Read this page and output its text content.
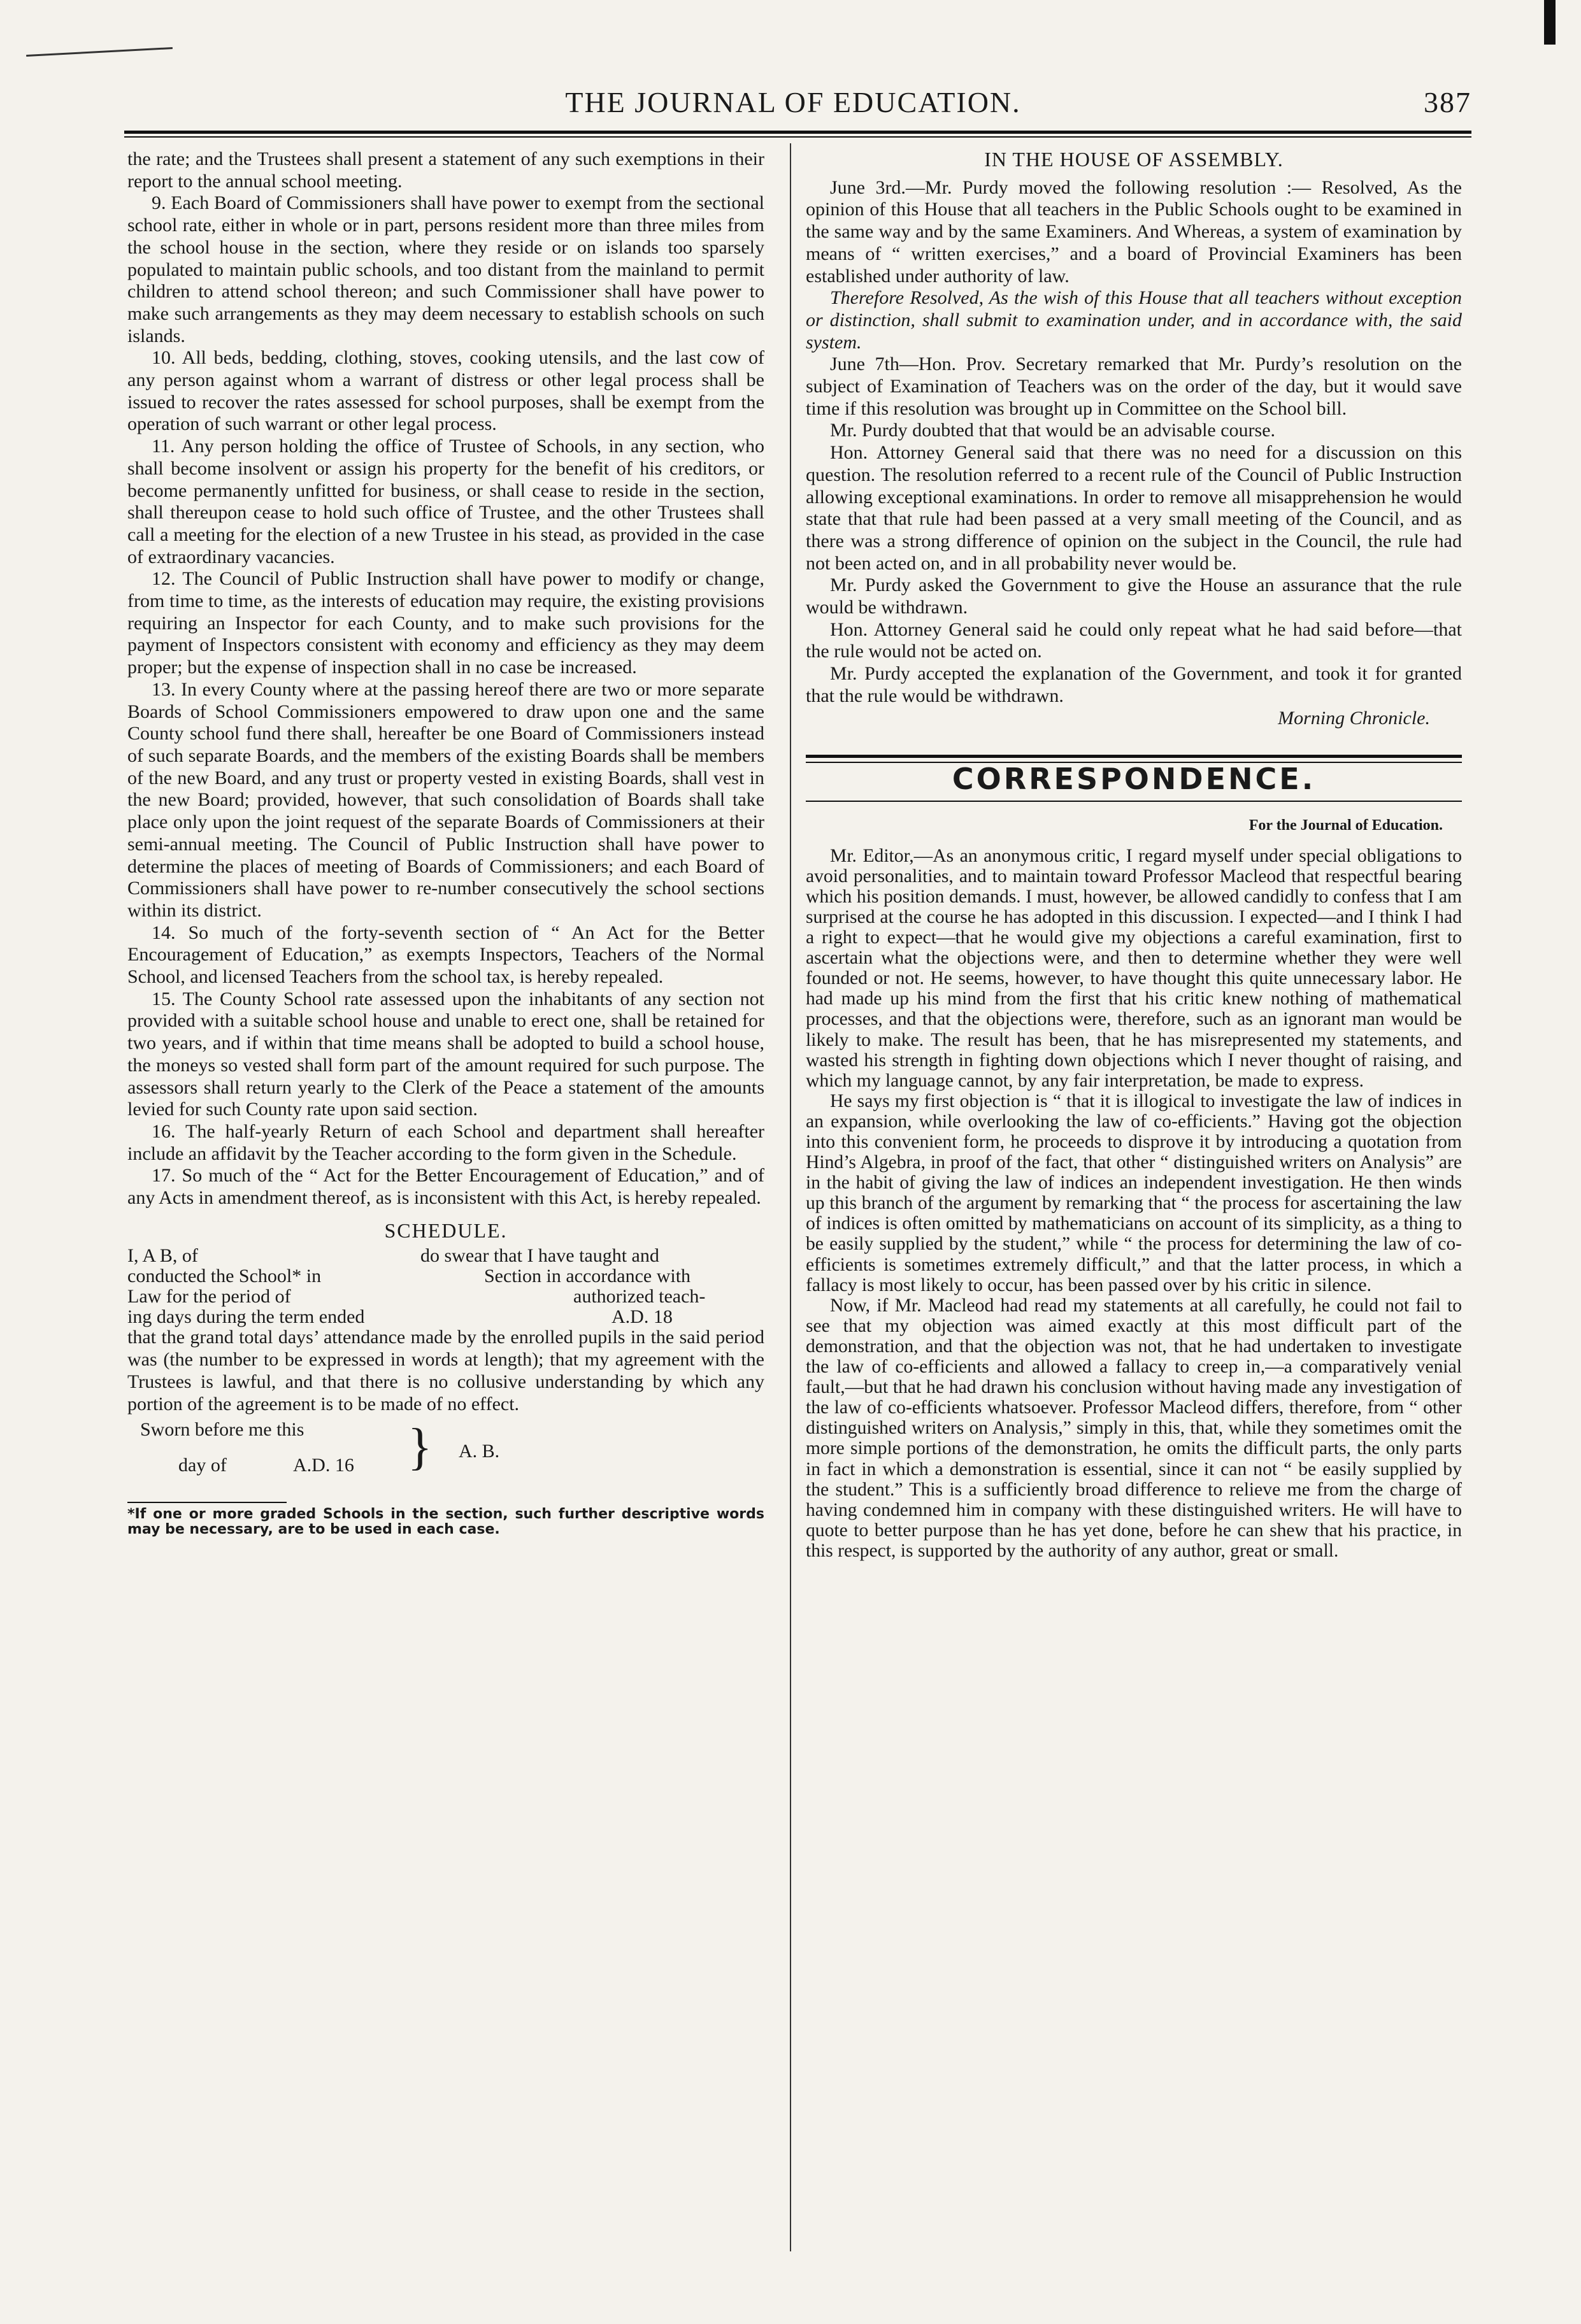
THE JOURNAL OF EDUCATION.	387

the rate; and the Trustees shall present a statement of any such exemptions in their report to the annual school meeting.

9. Each Board of Commissioners shall have power to exempt from the sectional school rate, either in whole or in part, persons resident more than three miles from the school house in the section, where they reside or on islands too sparsely populated to maintain public schools, and too distant from the mainland to permit children to attend school thereon; and such Commissioner shall have power to make such arrangements as they may deem necessary to establish schools on such islands.

10. All beds, bedding, clothing, stoves, cooking utensils, and the last cow of any person against whom a warrant of distress or other legal process shall be issued to recover the rates assessed for school purposes, shall be exempt from the operation of such warrant or other legal process.

11. Any person holding the office of Trustee of Schools, in any section, who shall become insolvent or assign his property for the benefit of his creditors, or become permanently unfitted for business, or shall cease to reside in the section, shall thereupon cease to hold such office of Trustee, and the other Trustees shall call a meeting for the election of a new Trustee in his stead, as provided in the case of extraordinary vacancies.

12. The Council of Public Instruction shall have power to modify or change, from time to time, as the interests of education may require, the existing provisions requiring an Inspector for each County, and to make such provisions for the payment of Inspectors consistent with economy and efficiency as they may deem proper; but the expense of inspection shall in no case be increased.

13. In every County where at the passing hereof there are two or more separate Boards of School Commissioners empowered to draw upon one and the same County school fund there shall, hereafter be one Board of Commissioners instead of such separate Boards, and the members of the existing Boards shall be members of the new Board, and any trust or property vested in existing Boards, shall vest in the new Board; provided, however, that such consolidation of Boards shall take place only upon the joint request of the separate Boards of Commissioners at their semi-annual meeting. The Council of Public Instruction shall have power to determine the places of meeting of Boards of Commissioners; and each Board of Commissioners shall have power to re-number consecutively the school sections within its district.

14. So much of the forty-seventh section of “ An Act for the Better Encouragement of Education,” as exempts Inspectors, Teachers of the Normal School, and licensed Teachers from the school tax, is hereby repealed.

15. The County School rate assessed upon the inhabitants of any section not provided with a suitable school house and unable to erect one, shall be retained for two years, and if within that time means shall be adopted to build a school house, the moneys so vested shall form part of the amount required for such purpose. The assessors shall return yearly to the Clerk of the Peace a statement of the amounts levied for such County rate upon said section.

16. The half-yearly Return of each School and department shall hereafter include an affidavit by the Teacher according to the form given in the Schedule.

17. So much of the “ Act for the Better Encouragement of Education,” and of any Acts in amendment thereof, as is inconsistent with this Act, is hereby repealed.

SCHEDULE.
I, A B, of	do swear that I have taught and
conducted the School* in	Section in accordance with
Law for the period of	authorized teach-
ing days during the term ended	A.D. 18

that the grand total days’ attendance made by the enrolled pupils in the said period was (the number to be expressed in words at length); that my agreement with the Trustees is lawful, and that there is no collusive understanding by which any portion of the agreement is to be made of no effect.

Sworn before me this
day of	A.D. 16 } A. B.

*If one or more graded Schools in the section, such further descriptive words may be necessary, are to be used in each case.

IN THE HOUSE OF ASSEMBLY.

June 3rd.—Mr. Purdy moved the following resolution :— Resolved, As the opinion of this House that all teachers in the Public Schools ought to be examined in the same way and by the same Examiners. And Whereas, a system of examination by means of “ written exercises,” and a board of Provincial Examiners has been established under authority of law.

Therefore Resolved, As the wish of this House that all teachers without exception or distinction, shall submit to examination under, and in accordance with, the said system.

June 7th—Hon. Prov. Secretary remarked that Mr. Purdy’s resolution on the subject of Examination of Teachers was on the order of the day, but it would save time if this resolution was brought up in Committee on the School bill.

Mr. Purdy doubted that that would be an advisable course.

Hon. Attorney General said that there was no need for a discussion on this question. The resolution referred to a recent rule of the Council of Public Instruction allowing exceptional examinations. In order to remove all misapprehension he would state that that rule had been passed at a very small meeting of the Council, and as there was a strong difference of opinion on the subject in the Council, the rule had not been acted on, and in all probability never would be.

Mr. Purdy asked the Government to give the House an assurance that the rule would be withdrawn.

Hon. Attorney General said he could only repeat what he had said before—that the rule would not be acted on.

Mr. Purdy accepted the explanation of the Government, and took it for granted that the rule would be withdrawn.

Morning Chronicle.

CORRESPONDENCE.
For the Journal of Education.

Mr. Editor,—As an anonymous critic, I regard myself under special obligations to avoid personalities, and to maintain toward Professor Macleod that respectful bearing which his position demands. I must, however, be allowed candidly to confess that I am surprised at the course he has adopted in this discussion. I expected—and I think I had a right to expect—that he would give my objections a careful examination, first to ascertain what the objections were, and then to determine whether they were well founded or not. He seems, however, to have thought this quite unnecessary labor. He had made up his mind from the first that his critic knew nothing of mathematical processes, and that the objections were, therefore, such as an ignorant man would be likely to make. The result has been, that he has misrepresented my statements, and wasted his strength in fighting down objections which I never thought of raising, and which my language cannot, by any fair interpretation, be made to express.

He says my first objection is “ that it is illogical to investigate the law of indices in an expansion, while overlooking the law of co-efficients.” Having got the objection into this convenient form, he proceeds to disprove it by introducing a quotation from Hind’s Algebra, in proof of the fact, that other “ distinguished writers on Analysis” are in the habit of giving the law of indices an independent investigation. He then winds up this branch of the argument by remarking that “ the process for ascertaining the law of indices is often omitted by mathematicians on account of its simplicity, as a thing to be easily supplied by the student,” while “ the process for determining the law of co-efficients is sometimes extremely difficult,” and that the latter process, in which a fallacy is most likely to occur, has been passed over by his critic in silence.

Now, if Mr. Macleod had read my statements at all carefully, he could not fail to see that my objection was aimed exactly at this most difficult part of the demonstration, and that the objection was not, that he had undertaken to investigate the law of co-efficients and allowed a fallacy to creep in,—a comparatively venial fault,—but that he had drawn his conclusion without having made any investigation of the law of co-efficients whatsoever. Professor Macleod differs, therefore, from “ other distinguished writers on Analysis,” simply in this, that, while they sometimes omit the more simple portions of the demonstration, he omits the difficult parts, the only parts in fact in which a demonstration is essential, since it can not “ be easily supplied by the student.” This is a sufficiently broad difference to relieve me from the charge of having condemned him in company with these distinguished writers. He will have to quote to better purpose than he has yet done, before he can shew that his practice, in this respect, is supported by the authority of any author, great or small.
